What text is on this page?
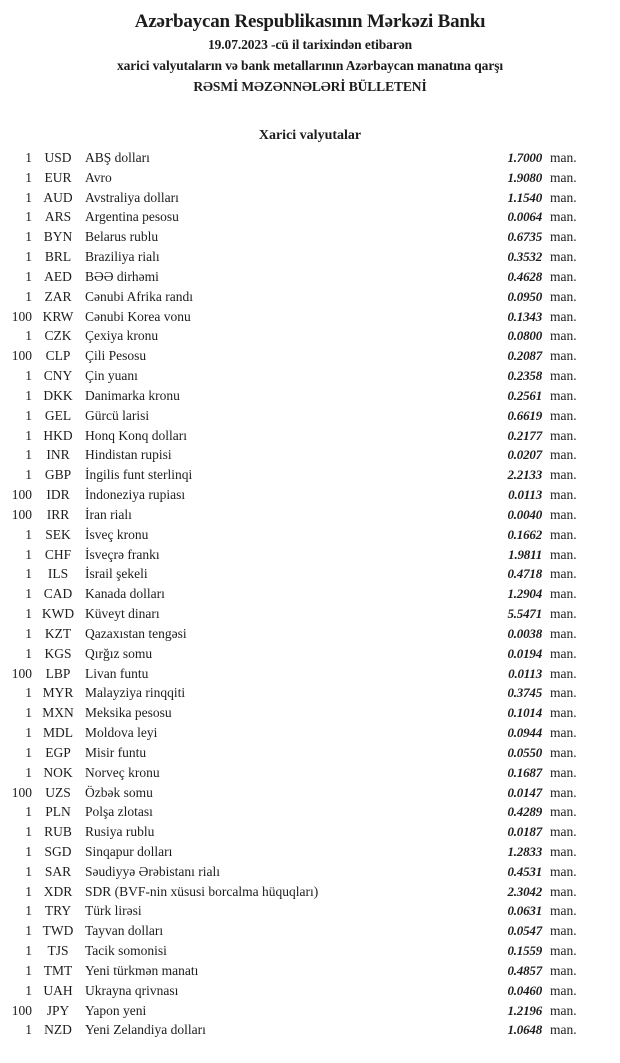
Azərbaycan Respublikasının Mərkəzi Bankı
19.07.2023 -cü il tarixindən etibarən
xarici valyutaların və bank metallarının Azərbaycan manatına qarşı
RƏSMİ MƏZƏNNƏLƏRİ BÜLLETENİ
Xarici valyutalar
1 USD	ABŞ dolları	1.7000 man.
1 EUR	Avro	1.9080 man.
1 AUD Avstraliya dolları	1.1540 man.
1 ARS	Argentina pesosu	0.0064 man.
1 BYN Belarus rublu	0.6735 man.
1 BRL	Braziliya rialı	0.3532 man.
1 AED BƏƏ dirhəmi	0.4628 man.
1 ZAR	Cənubi Afrika randı	0.0950 man.
100 KRW Cənubi Korea vonu	0.1343 man.
1 CZK	Çexiya kronu	0.0800 man.
100	CLP	Çili Pesosu	0.2087 man.
1 CNY Çin yuanı	0.2358 man.
1 DKK Danimarka kronu	0.2561 man.
1 GEL	Gürcü larisi	0.6619 man.
1 HKD Honq Konq dolları	0.2177 man.
1	INR	Hindistan rupisi	0.0207 man.
1 GBP	İngilis funt sterlinqi	2.2133 man.
100	IDR	İndoneziya rupiası	0.0113 man.
100	IRR	İran rialı	0.0040 man.
1 SEK	İsveç kronu	0.1662 man.
1 CHF	İsveçrə frankı	1.9811 man.
1	ILS	İsrail şekeli	0.4718 man.
1 CAD Kanada dolları	1.2904 man.
1 KWD Küveyt dinarı	5.5471 man.
1 KZT	Qazaxıstan tengəsi	0.0038 man.
1 KGS	Qırğız somu	0.0194 man.
100	LBP	Livan funtu	0.0113 man.
1 MYR Malayziya rinqqiti	0.3745 man.
1 MXN Meksika pesosu	0.1014 man.
1 MDL Moldova leyi	0.0944 man.
1 EGP	Misir funtu	0.0550 man.
1 NOK Norveç kronu	0.1687 man.
100 UZS	Özbək somu	0.0147 man.
1 PLN	Polşa zlotası	0.4289 man.
1 RUB Rusiya rublu	0.0187 man.
1 SGD	Sinqapur dolları	1.2833 man.
1 SAR	Səudiyyə Ərəbistanı rialı	0.4531 man.
1 XDR SDR (BVF-nin xüsusi borcalma hüquqları)	2.3042 man.
1 TRY	Türk lirəsi	0.0631 man.
1 TWD Tayvan dolları	0.0547 man.
1	TJS	Tacik somonisi	0.1559 man.
1 TMT Yeni türkmən manatı	0.4857 man.
1 UAH Ukrayna qrivnası	0.0460 man.
100	JPY	Yapon yeni	1.2196 man.
1 NZD Yeni Zelandiya dolları	1.0648 man.
